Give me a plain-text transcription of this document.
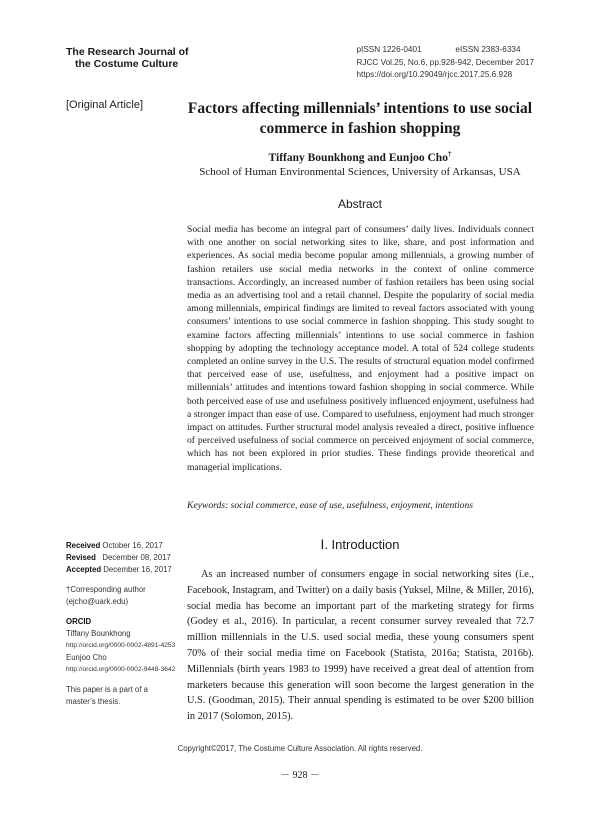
The Research Journal of
the Costume Culture
pISSN 1226-0401	eISSN 2383-6334
RJCC Vol.25, No.6, pp.928-942, December 2017
https://doi.org/10.29049/rjcc.2017.25.6.928
[Original Article]	Factors affecting millennials’ intentions to use social commerce in fashion shopping
Tiffany Bounkhong and Eunjoo Cho†
School of Human Environmental Sciences, University of Arkansas, USA
Abstract
Social media has become an integral part of consumers’ daily lives. Individuals connect with one another on social networking sites to like, share, and post information and experiences. As social media become popular among millennials, a growing number of fashion retailers use social media networks in the context of online commerce transactions. Accordingly, an increased number of fashion retailers has been using social media as an advertising tool and a retail channel. Despite the popularity of social media among millennials, empirical findings are limited to reveal factors associated with young consumers’ intentions to use social commerce in fashion shopping. This study sought to examine factors affecting millennials’ intentions to use social commerce in fashion shopping by adopting the technology acceptance model. A total of 524 college students completed an online survey in the U.S. The results of structural equation model confirmed that perceived ease of use, usefulness, and enjoyment had a positive impact on millennials’ attitudes and intentions toward fashion shopping in social commerce. While both perceived ease of use and usefulness positively influenced enjoyment, usefulness had a stronger impact than ease of use. Compared to usefulness, enjoyment had much stronger impact on attitudes. Further structural model analysis revealed a direct, positive influence of perceived usefulness of social commerce on perceived enjoyment of social commerce, which has not been explored in prior studies. These findings provide theoretical and managerial implications.
Keywords: social commerce, ease of use, usefulness, enjoyment, intentions
Received October 16, 2017
Revised December 08, 2017
Accepted December 16, 2017
†Corresponding author
(ejcho@uark.edu)
ORCID
Tiffany Bounkhong
http://orcid.org/0000-0002-4891-4253
Eunjoo Cho
http://orcid.org/0000-0002-9448-3642
This paper is a part of a master’s thesis.
Ⅰ. Introduction

As an increased number of consumers engage in social networking sites (i.e., Facebook, Instagram, and Twitter) on a daily basis (Yuksel, Milne, & Miller, 2016), social media has become an important part of the marketing strategy for firms (Godey et al., 2016). In particular, a recent consumer survey revealed that 72.7 million millennials in the U.S. used social media, these young consumers spent 70% of their social media time on Facebook (Statista, 2016a; Statista, 2016b). Millennials (birth years 1983 to 1999) have received a great deal of attention from marketers because this generation will soon become the largest generation in the U.S. (Goodman, 2015). Their annual spending is estimated to be over $200 billion in 2017 (Solomon, 2015).

Copyright©2017, The Costume Culture Association. All rights reserved.
－ 928 －
